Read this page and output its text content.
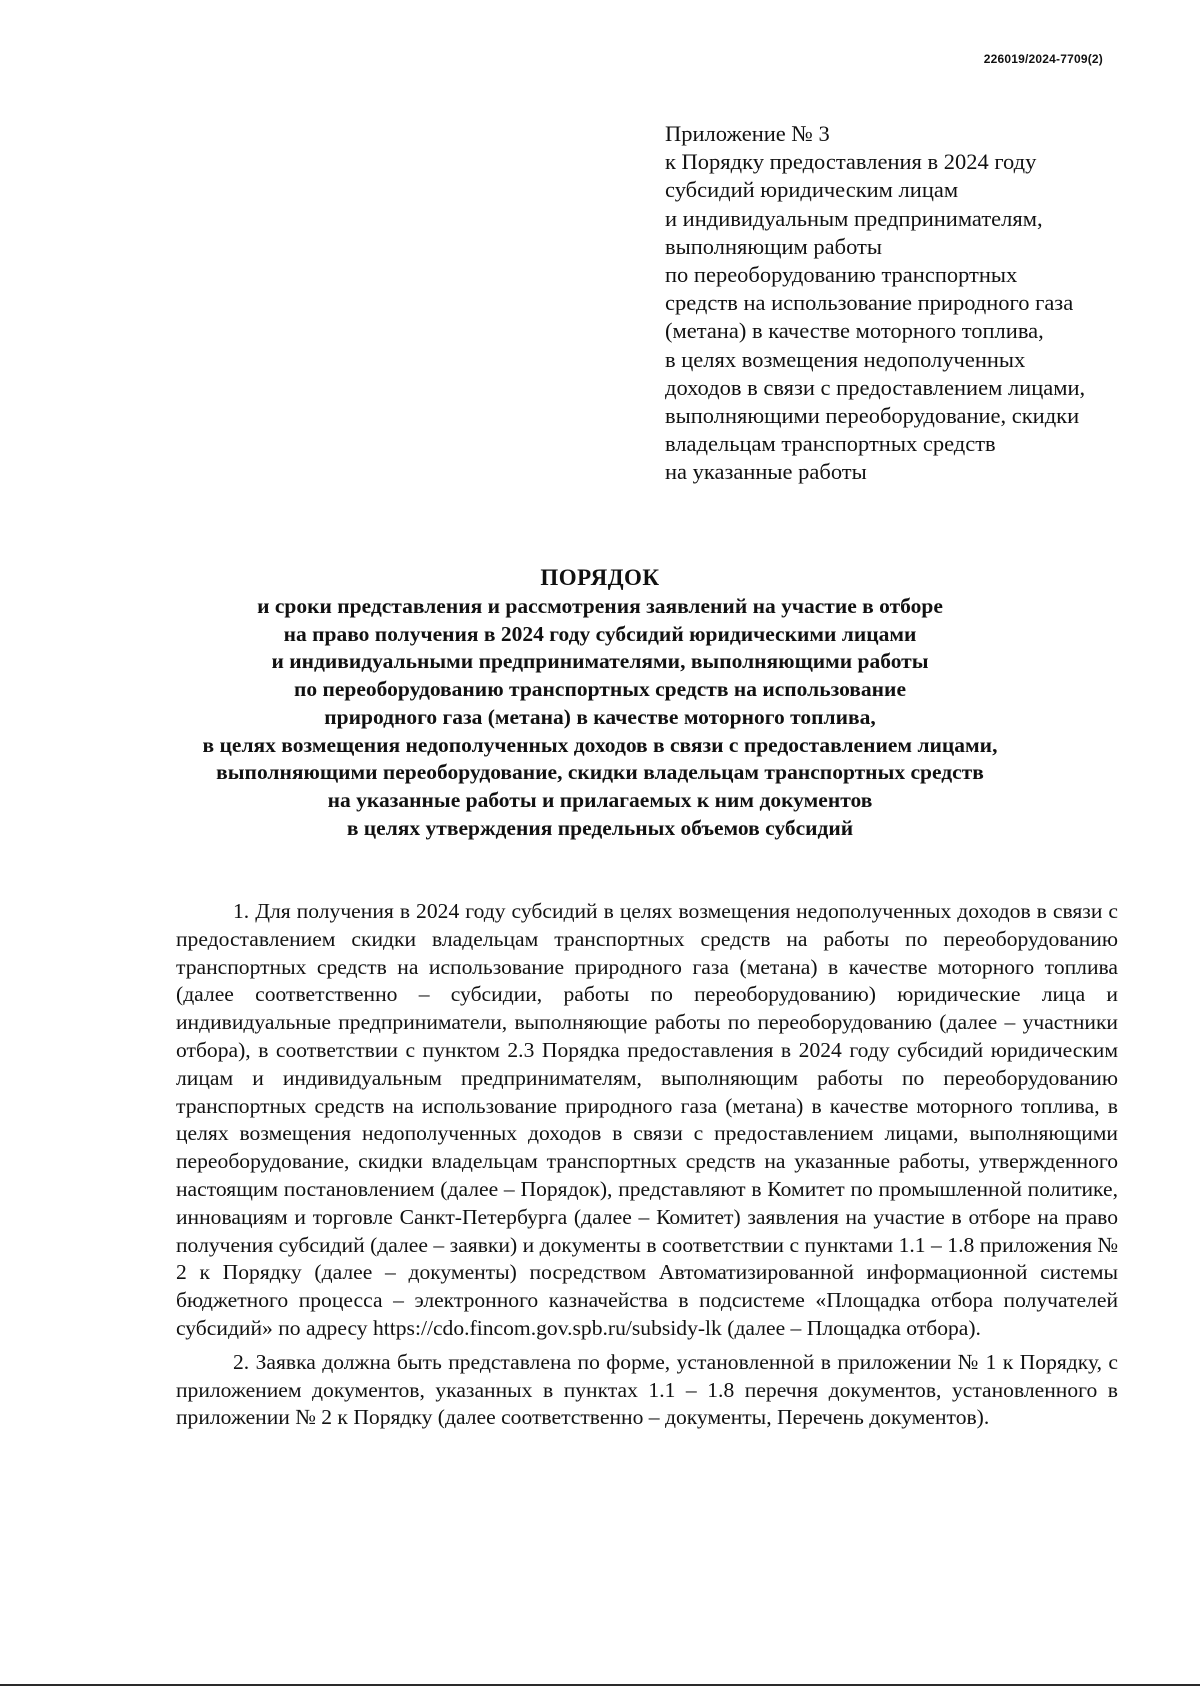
226019/2024-7709(2)
Приложение № 3
к Порядку предоставления в 2024 году
субсидий юридическим лицам
и индивидуальным предпринимателям,
выполняющим работы
по переоборудованию транспортных
средств на использование природного газа
(метана) в качестве моторного топлива,
в целях возмещения недополученных
доходов в связи с предоставлением лицами,
выполняющими переоборудование, скидки
владельцам транспортных средств
на указанные работы
ПОРЯДОК
и сроки представления и рассмотрения заявлений на участие в отборе
на право получения в 2024 году субсидий юридическими лицами
и индивидуальными предпринимателями, выполняющими работы
по переоборудованию транспортных средств на использование
природного газа (метана) в качестве моторного топлива,
в целях возмещения недополученных доходов в связи с предоставлением лицами,
выполняющими переоборудование, скидки владельцам транспортных средств
на указанные работы и прилагаемых к ним документов
в целях утверждения предельных объемов субсидий

1. Для получения в 2024 году субсидий в целях возмещения недополученных доходов в связи с предоставлением скидки владельцам транспортных средств на работы по переоборудованию транспортных средств на использование природного газа (метана) в качестве моторного топлива (далее соответственно – субсидии, работы по переоборудованию) юридические лица и индивидуальные предприниматели, выполняющие работы по переоборудованию (далее – участники отбора), в соответствии с пунктом 2.3 Порядка предоставления в 2024 году субсидий юридическим лицам и индивидуальным предпринимателям, выполняющим работы по переоборудованию транспортных средств на использование природного газа (метана) в качестве моторного топлива, в целях возмещения недополученных доходов в связи с предоставлением лицами, выполняющими переоборудование, скидки владельцам транспортных средств на указанные работы, утвержденного настоящим постановлением (далее – Порядок), представляют в Комитет по промышленной политике, инновациям и торговле Санкт-Петербурга (далее – Комитет) заявления на участие в отборе на право получения субсидий (далее – заявки) и документы в соответствии с пунктами 1.1 – 1.8 приложения № 2 к Порядку (далее – документы) посредством Автоматизированной информационной системы бюджетного процесса – электронного казначейства в подсистеме «Площадка отбора получателей субсидий» по адресу https://cdo.fincom.gov.spb.ru/subsidy-lk (далее – Площадка отбора).

2. Заявка должна быть представлена по форме, установленной в приложении № 1 к Порядку, с приложением документов, указанных в пунктах 1.1 – 1.8 перечня документов, установленного в приложении № 2 к Порядку (далее соответственно – документы, Перечень документов).
